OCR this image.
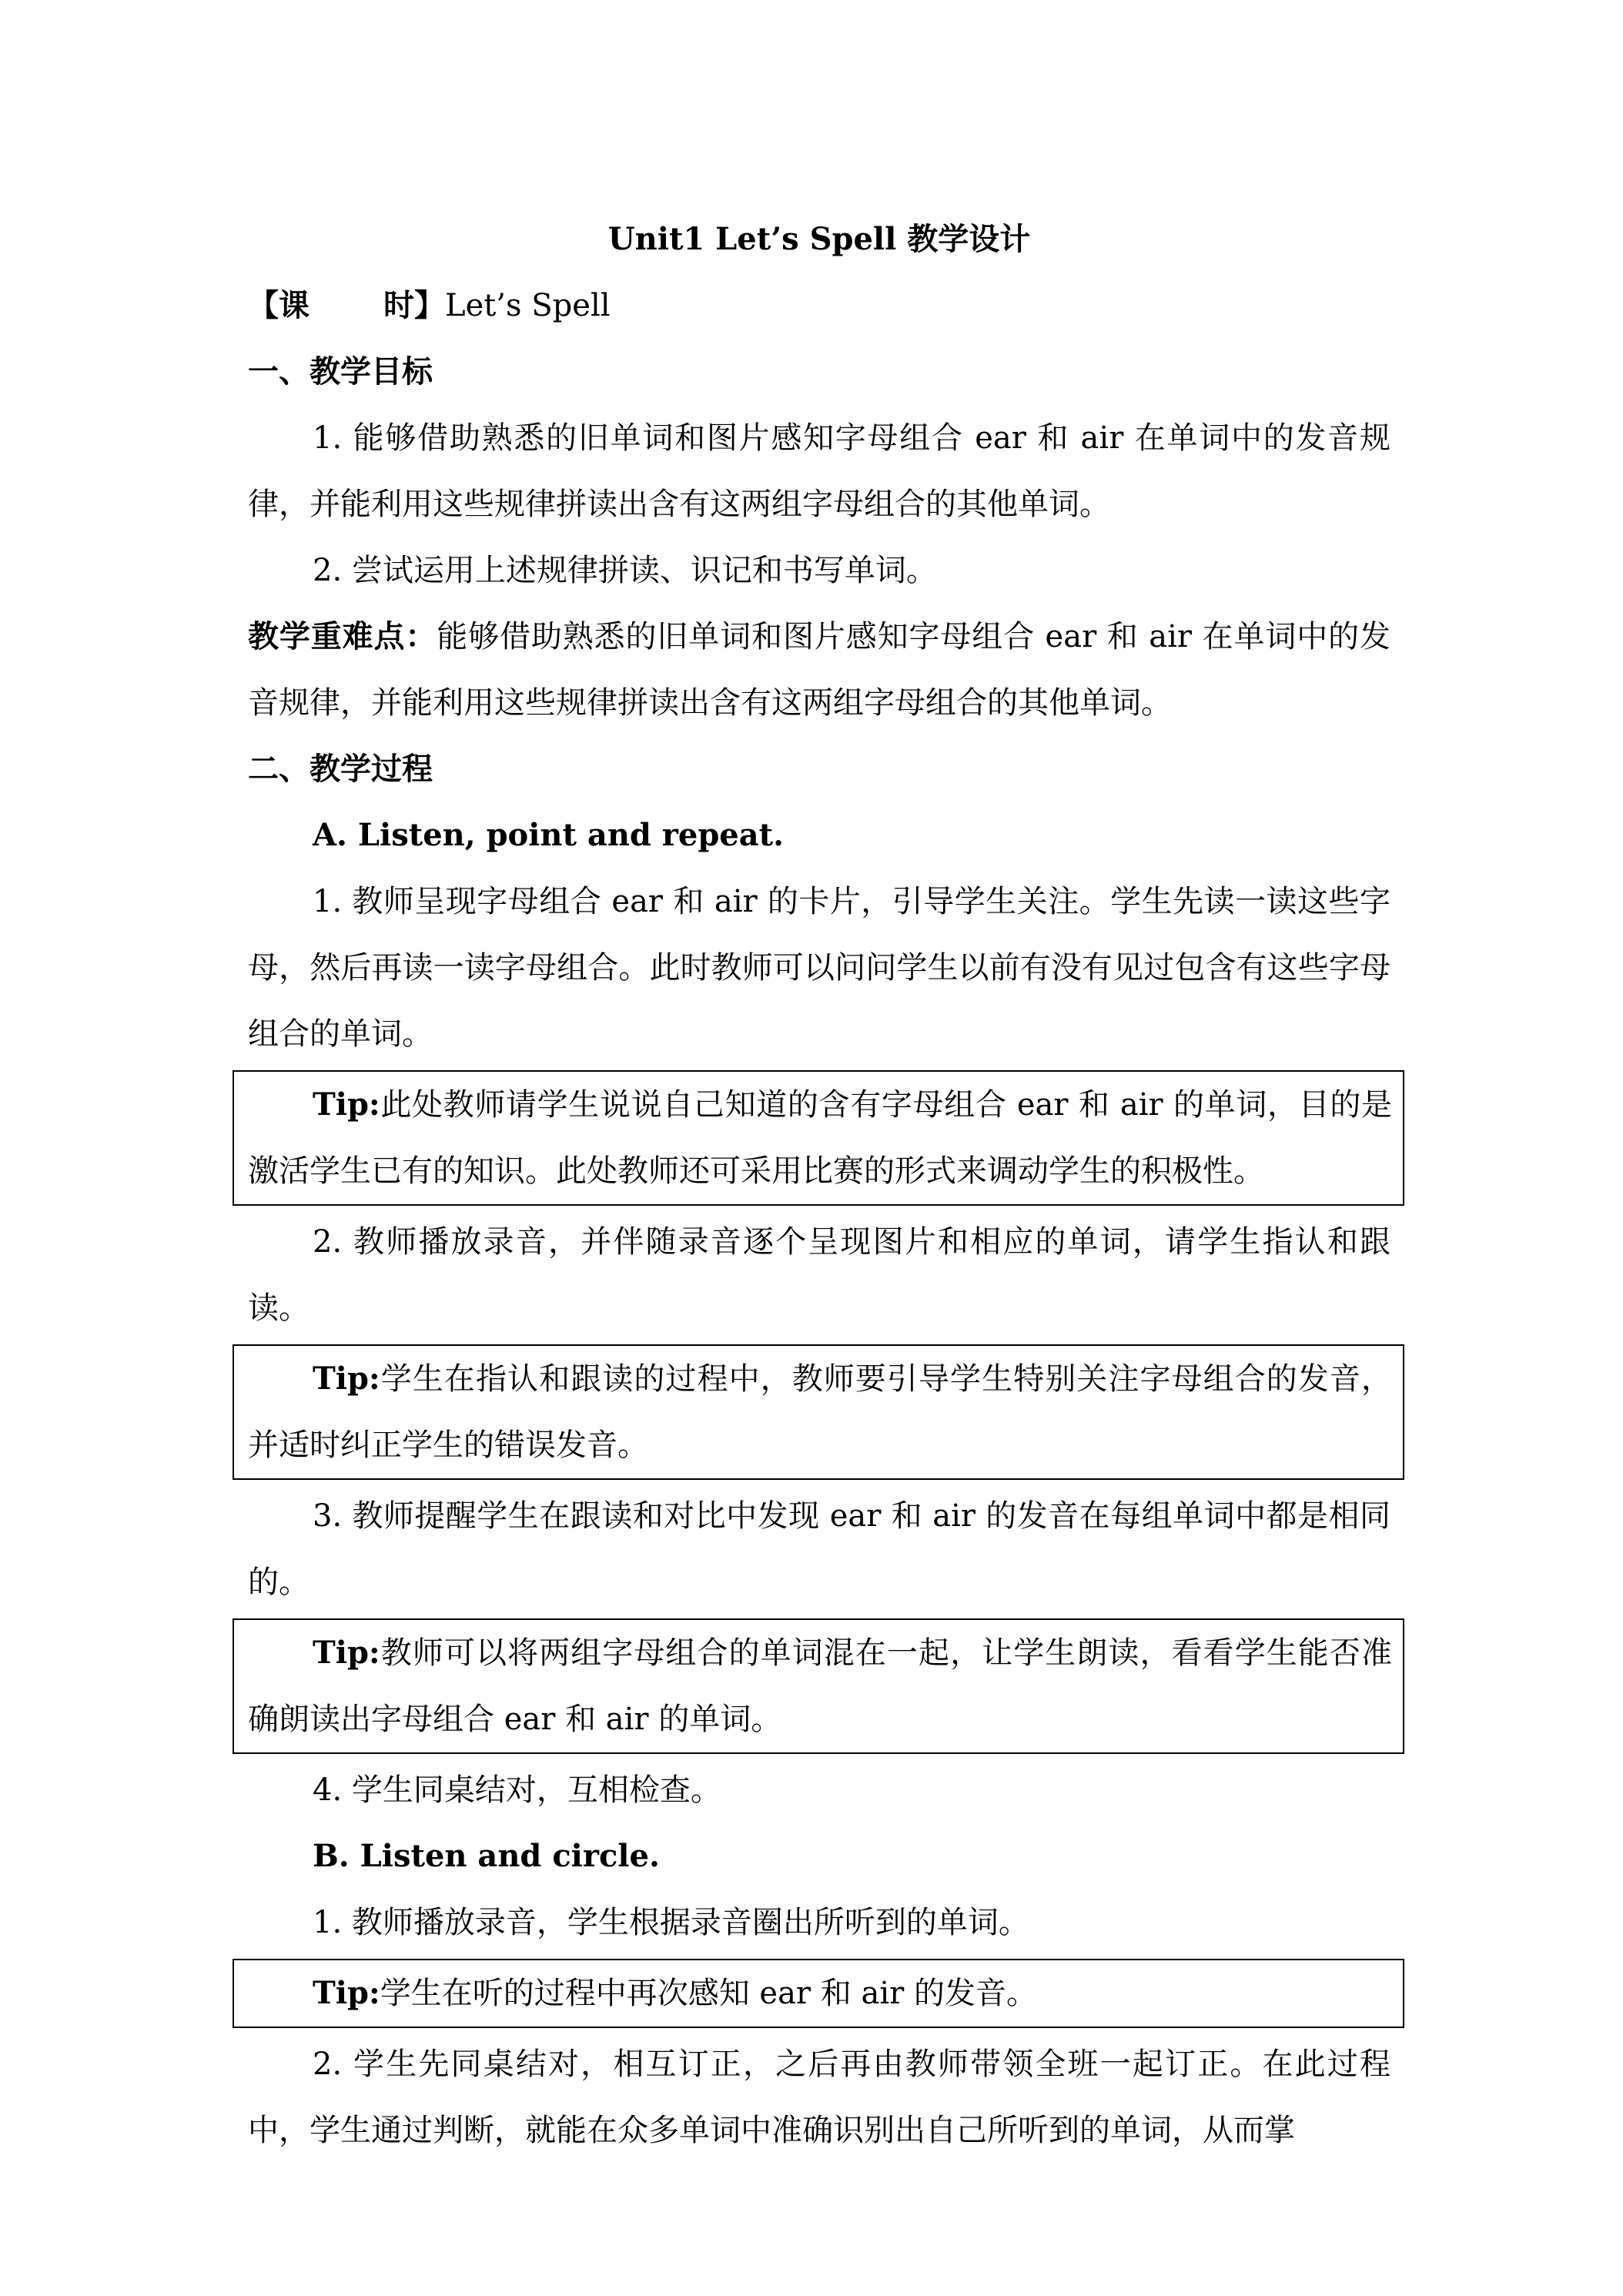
Unit1 Let’s Spell 教学设计
【课 时】Let’s Spell
一、教学目标
1. 能够借助熟悉的旧单词和图片感知字母组合 ear 和 air 在单词中的发音规律，并能利用这些规律拼读出含有这两组字母组合的其他单词。
2. 尝试运用上述规律拼读、识记和书写单词。
教学重难点：能够借助熟悉的旧单词和图片感知字母组合 ear 和 air 在单词中的发音规律，并能利用这些规律拼读出含有这两组字母组合的其他单词。
二、教学过程
A. Listen, point and repeat.
1. 教师呈现字母组合 ear 和 air 的卡片，引导学生关注。学生先读一读这些字母，然后再读一读字母组合。此时教师可以问问学生以前有没有见过包含有这些字母组合的单词。
Tip:此处教师请学生说说自己知道的含有字母组合 ear 和 air 的单词，目的是激活学生已有的知识。此处教师还可采用比赛的形式来调动学生的积极性。
2. 教师播放录音，并伴随录音逐个呈现图片和相应的单词，请学生指认和跟读。
Tip:学生在指认和跟读的过程中，教师要引导学生特别关注字母组合的发音，并适时纠正学生的错误发音。
3. 教师提醒学生在跟读和对比中发现 ear 和 air 的发音在每组单词中都是相同的。
Tip:教师可以将两组字母组合的单词混在一起，让学生朗读，看看学生能否准确朗读出字母组合 ear 和 air 的单词。
4. 学生同桌结对，互相检查。
B. Listen and circle.
1. 教师播放录音，学生根据录音圈出所听到的单词。
Tip:学生在听的过程中再次感知 ear 和 air 的发音。
2. 学生先同桌结对，相互订正，之后再由教师带领全班一起订正。在此过程中，学生通过判断，就能在众多单词中准确识别出自己所听到的单词，从而掌
